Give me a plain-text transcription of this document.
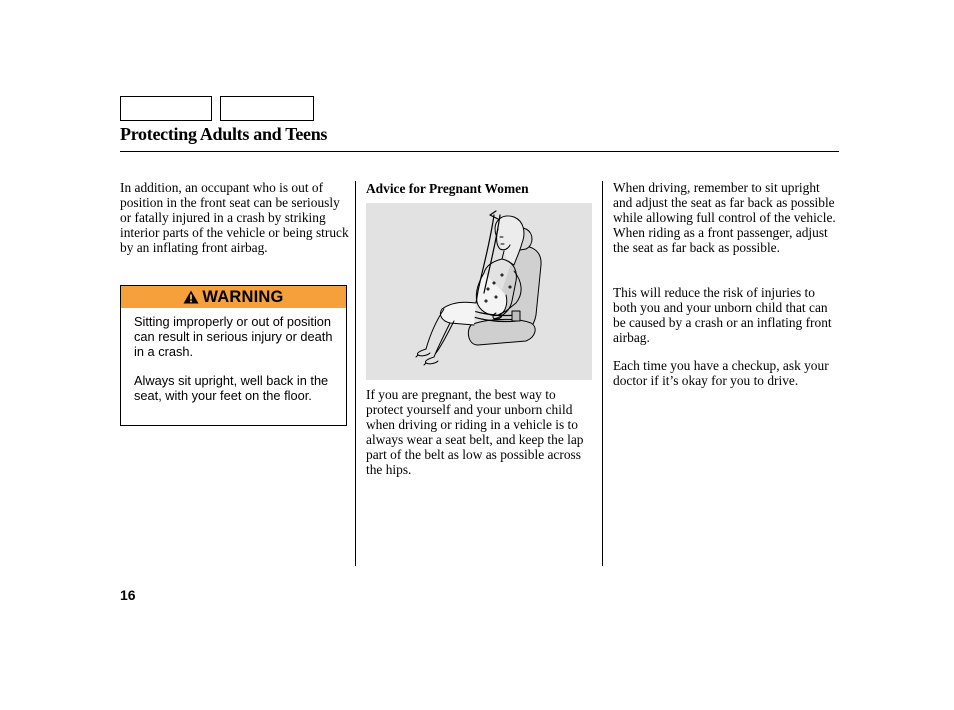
Protecting Adults and Teens
In addition, an occupant who is out of position in the front seat can be seriously or fatally injured in a crash by striking interior parts of the vehicle or being struck by an inflating front airbag.
WARNING

Sitting improperly or out of position can result in serious injury or death in a crash.

Always sit upright, well back in the seat, with your feet on the floor.

Advice for Pregnant Women
If you are pregnant, the best way to protect yourself and your unborn child when driving or riding in a vehicle is to always wear a seat belt, and keep the lap part of the belt as low as possible across the hips.
When driving, remember to sit upright and adjust the seat as far back as possible while allowing full control of the vehicle. When riding as a front passenger, adjust the seat as far back as possible.
This will reduce the risk of injuries to both you and your unborn child that can be caused by a crash or an inflating front airbag.
Each time you have a checkup, ask your doctor if it’s okay for you to drive.
16
